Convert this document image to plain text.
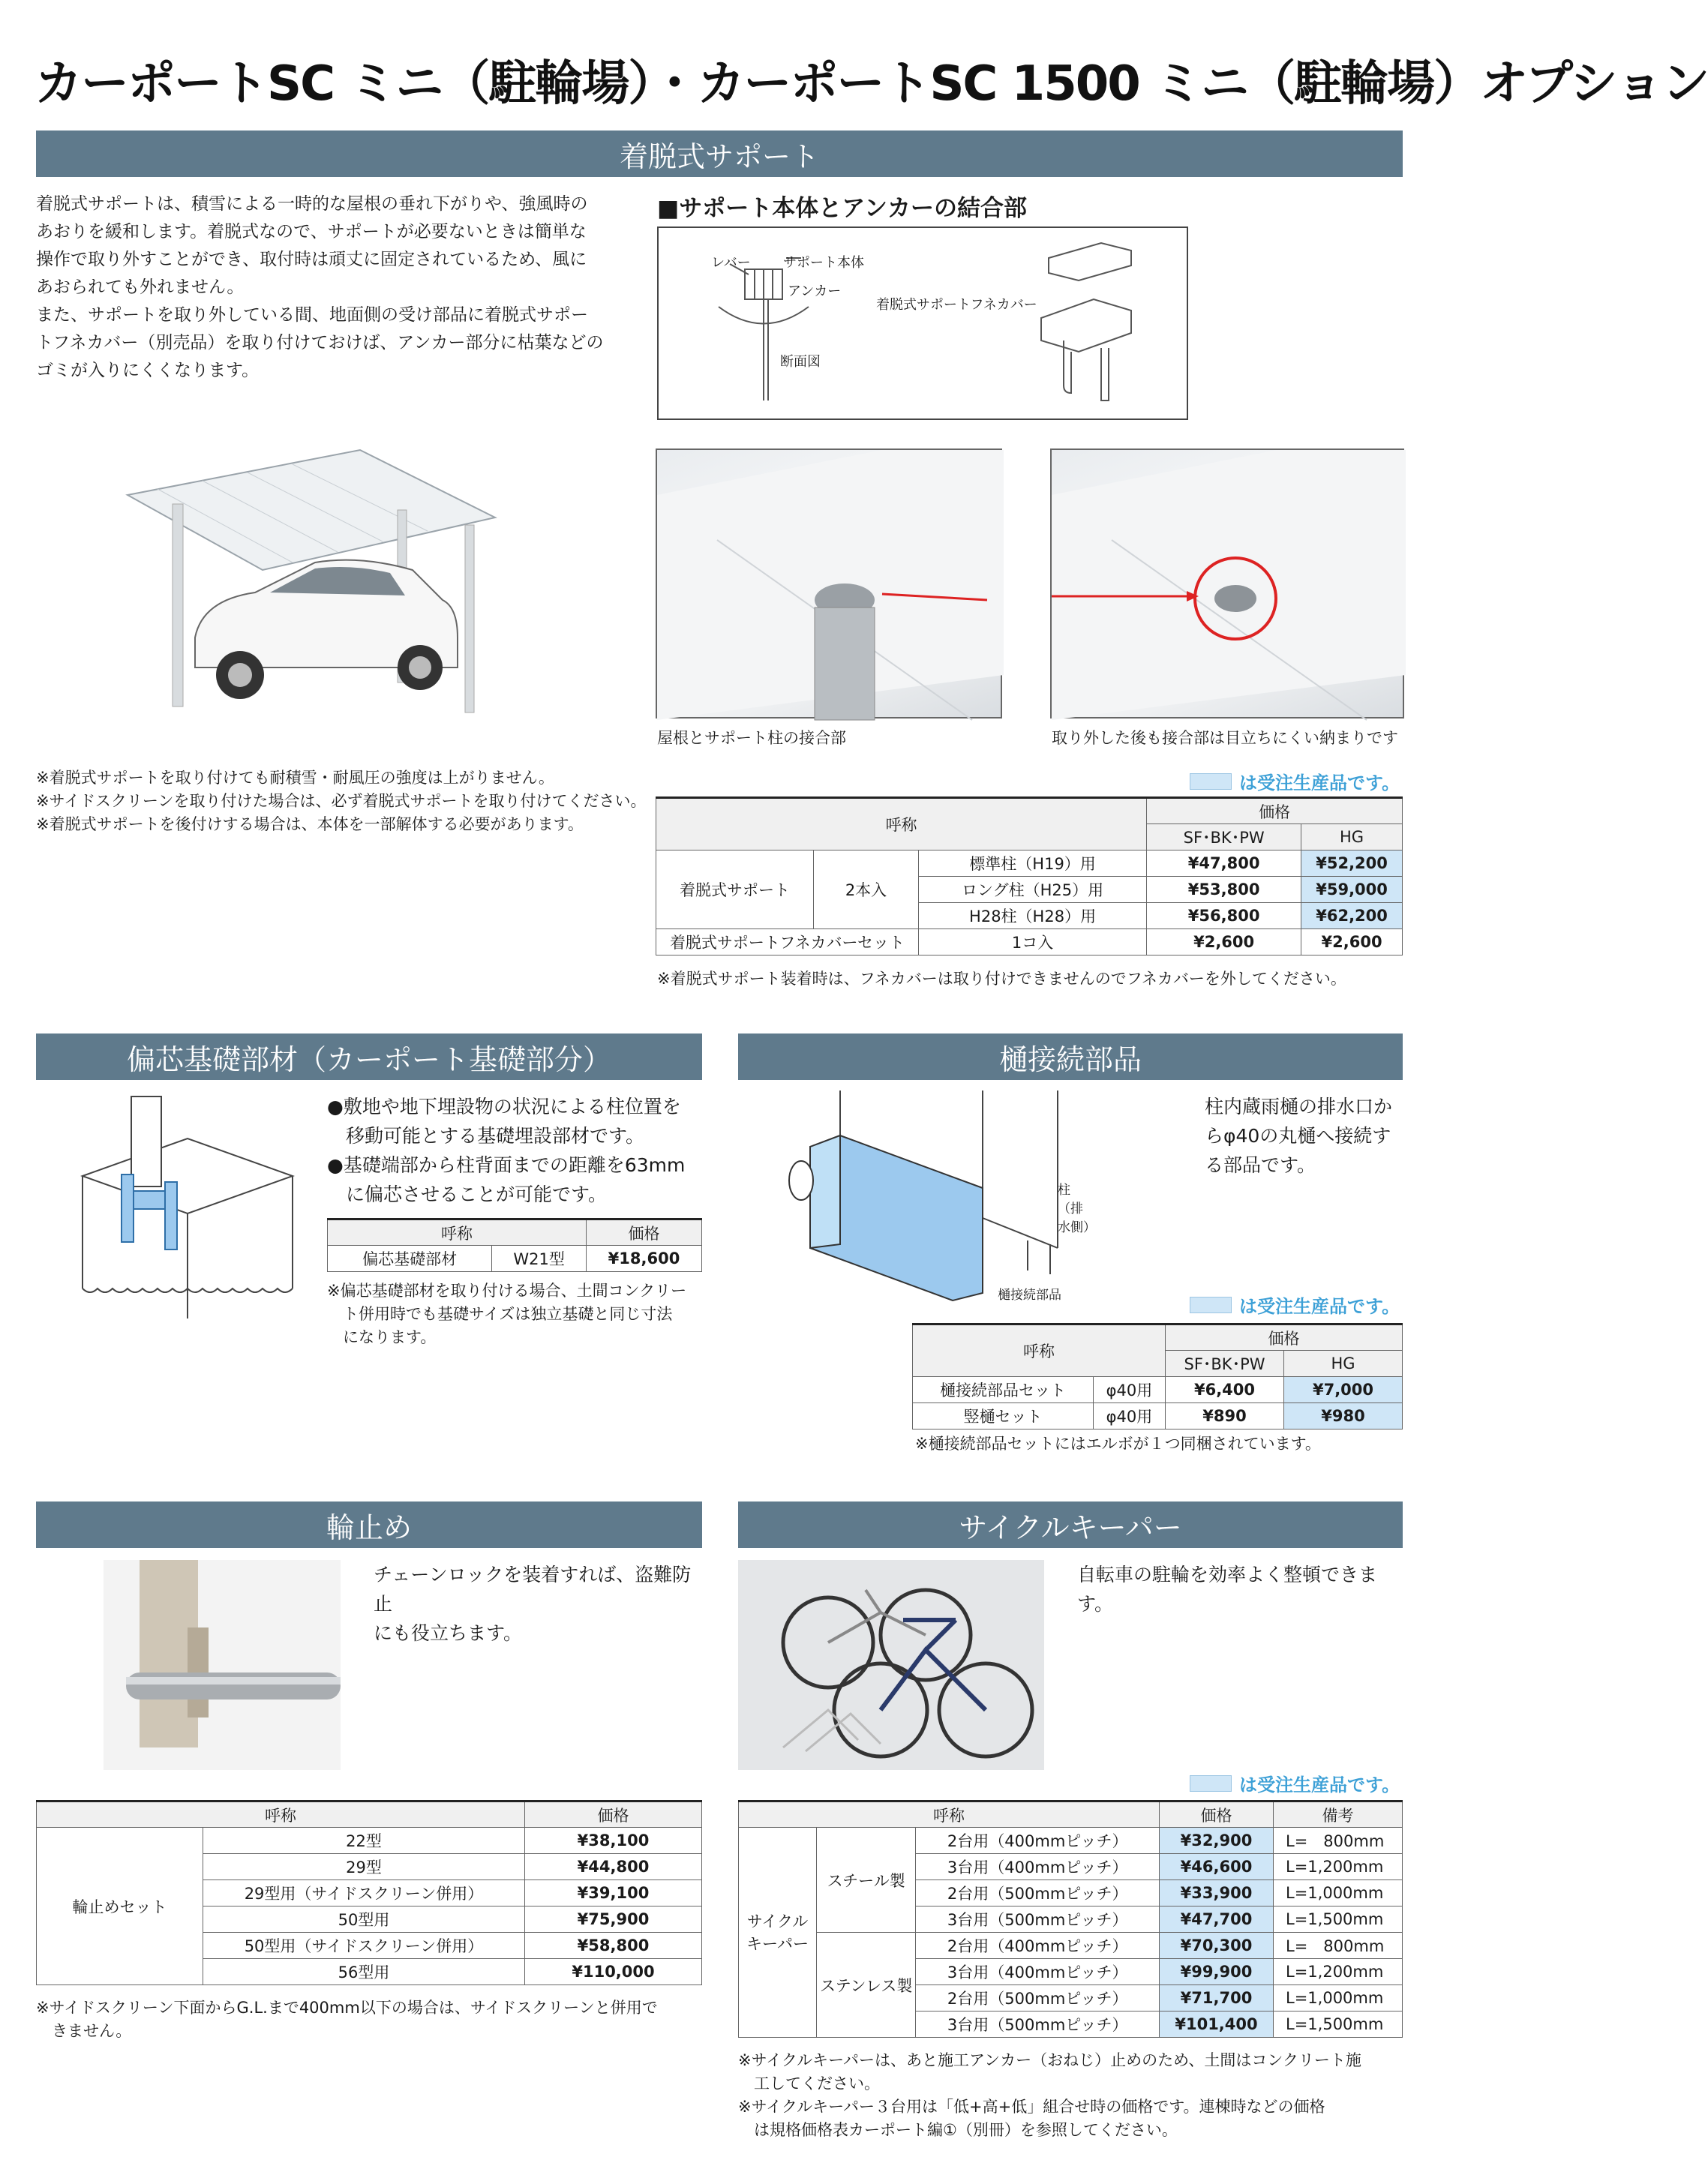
カーポートSC ミニ（駐輪場）・カーポートSC 1500 ミニ（駐輪場）オプション
着脱式サポート
着脱式サポートは、積雪による一時的な屋根の垂れ下がりや、強風時の
あおりを緩和します。着脱式なので、サポートが必要ないときは簡単な
操作で取り外すことができ、取付時は頑丈に固定されているため、風に
あおられても外れません。
また、サポートを取り外している間、地面側の受け部品に着脱式サポー
トフネカバー（別売品）を取り付けておけば、アンカー部分に枯葉などの
ゴミが入りにくくなります。
■サポート本体とアンカーの結合部
レバー サポート本体
アンカー
断面図
着脱式サポートフネカバー
屋根とサポート柱の接合部	取り外した後も接合部は目立ちにくい納まりです
※着脱式サポートを取り付けても耐積雪・耐風圧の強度は上がりません。
※サイドスクリーンを取り付けた場合は、必ず着脱式サポートを取り付けてください。
※着脱式サポートを後付けする場合は、本体を一部解体する必要があります。
は受注生産品です。
呼称			価格	
			SF･BK･PW	HG
着脱式サポート	2本入	標準柱（H19）用	¥47,800	¥52,200
		ロング柱（H25）用	¥53,800	¥59,000
		H28柱（H28）用	¥56,800	¥62,200
着脱式サポートフネカバーセット		1コ入	¥2,600	¥2,600
※着脱式サポート装着時は、フネカバーは取り付けできませんのでフネカバーを外してください。
偏芯基礎部材（カーポート基礎部分）
●敷地や地下埋設物の状況による柱位置を
　移動可能とする基礎埋設部材です。
●基礎端部から柱背面までの距離を63mm
　に偏芯させることが可能です。
呼称		価格
偏芯基礎部材	W21型	¥18,600
※偏芯基礎部材を取り付ける場合、土間コンクリー
　ト併用時でも基礎サイズは独立基礎と同じ寸法
　になります。
樋接続部品
柱（排水側）
樋接続部品
柱内蔵雨樋の排水口か
らφ40の丸樋へ接続す
る部品です。
は受注生産品です。
呼称		価格	
		SF･BK･PW	HG
樋接続部品セット	φ40用	¥6,400	¥7,000
竪樋セット	φ40用	¥890	¥980
※樋接続部品セットにはエルボが１つ同梱されています。
輪止め
チェーンロックを装着すれば、盗難防止
にも役立ちます。
呼称		価格
輪止めセット	22型	¥38,100
	29型	¥44,800
	29型用（サイドスクリーン併用）	¥39,100
	50型用	¥75,900
	50型用（サイドスクリーン併用）	¥58,800
	56型用	¥110,000
※サイドスクリーン下面からG.L.まで400mm以下の場合は、サイドスクリーンと併用で
　きません。
サイクルキーパー
自転車の駐輪を効率よく整頓できます。
は受注生産品です。
呼称			価格	備考
サイクル
キーパー	スチール製	2台用（400mmピッチ）	¥32,900	L=　800mm
		3台用（400mmピッチ）	¥46,600	L=1,200mm
		2台用（500mmピッチ）	¥33,900	L=1,000mm
		3台用（500mmピッチ）	¥47,700	L=1,500mm
	ステンレス製	2台用（400mmピッチ）	¥70,300	L=　800mm
		3台用（400mmピッチ）	¥99,900	L=1,200mm
		2台用（500mmピッチ）	¥71,700	L=1,000mm
		3台用（500mmピッチ）	¥101,400	L=1,500mm
※サイクルキーパーは、あと施工アンカー（おねじ）止めのため、土間はコンクリート施
　工してください。
※サイクルキーパー３台用は「低+高+低」組合せ時の価格です。連棟時などの価格
　は規格価格表カーポート編①（別冊）を参照してください。
